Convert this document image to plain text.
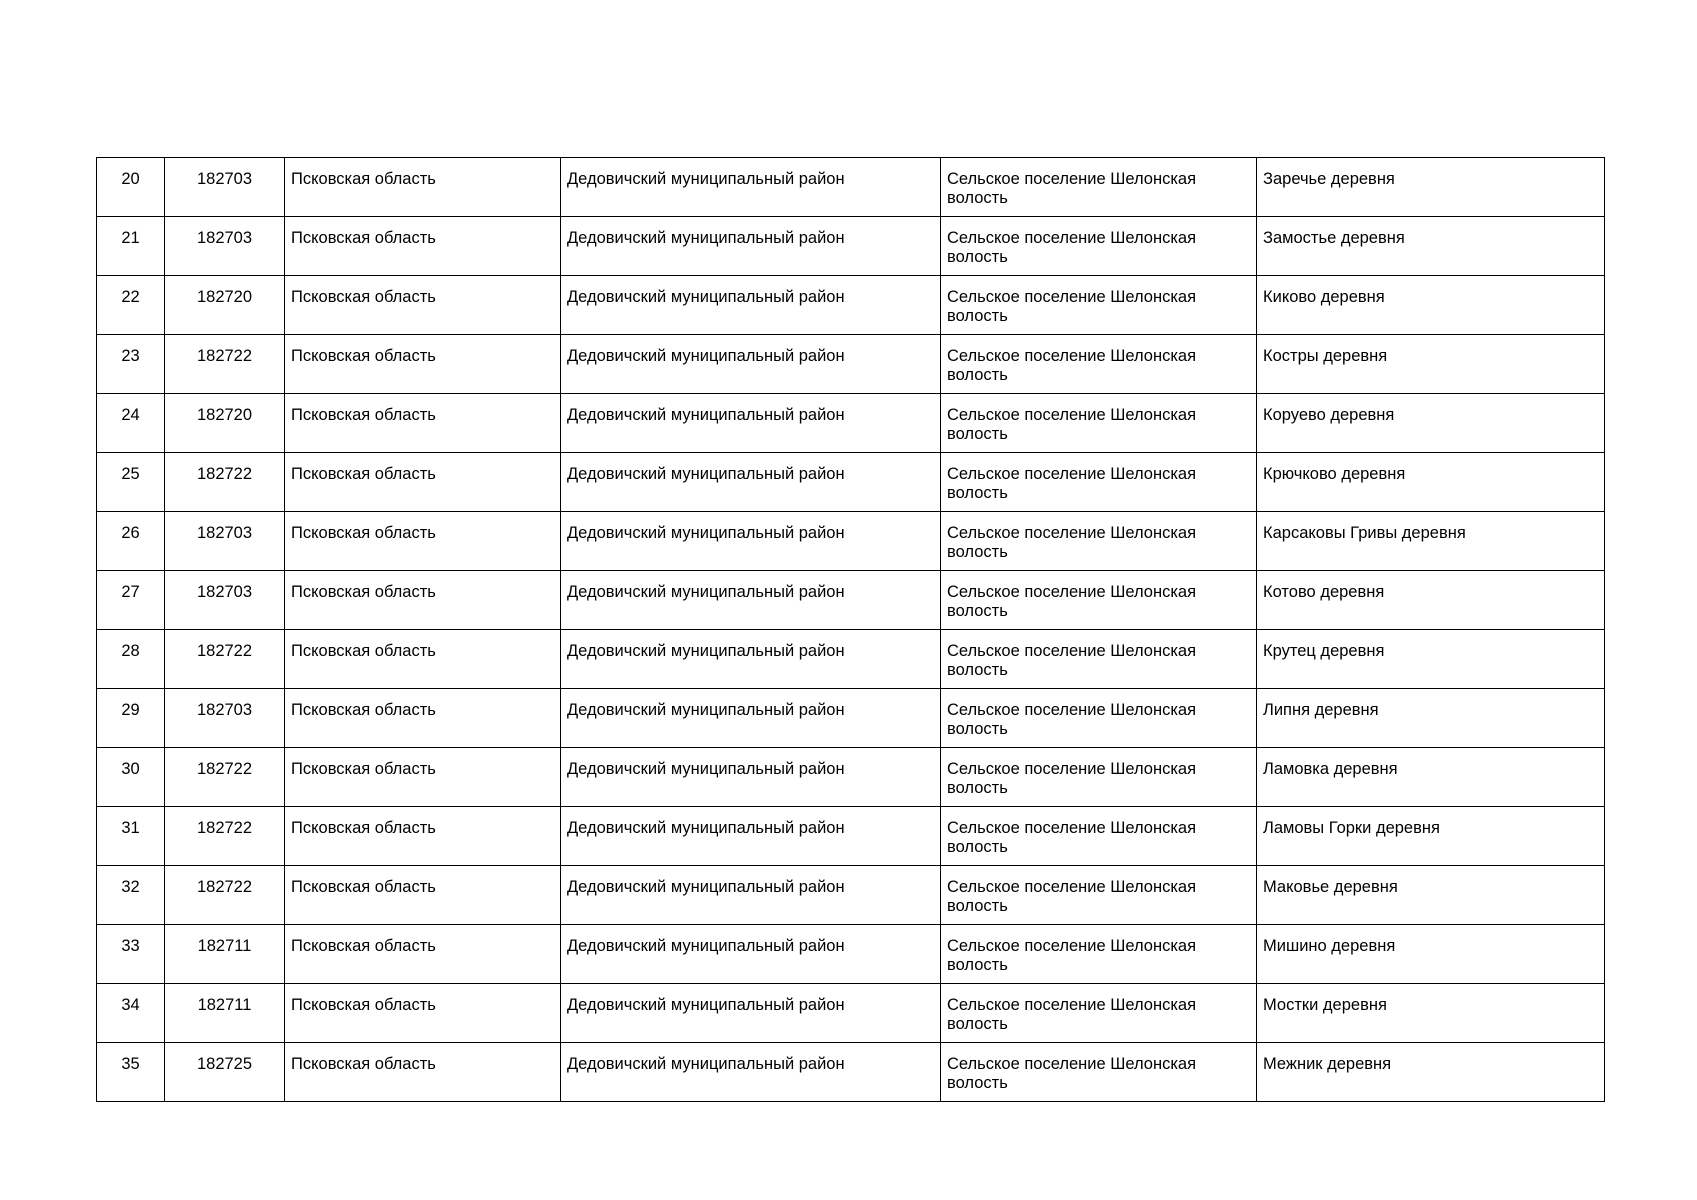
20	182703	Псковская область	Дедовичский муниципальный район	Сельское поселение Шелонская волость	Заречье деревня

21	182703	Псковская область	Дедовичский муниципальный район	Сельское поселение Шелонская волость	Замостье деревня

22	182720	Псковская область	Дедовичский муниципальный район	Сельское поселение Шелонская волость	Киково деревня

23	182722	Псковская область	Дедовичский муниципальный район	Сельское поселение Шелонская волость	Костры деревня

24	182720	Псковская область	Дедовичский муниципальный район	Сельское поселение Шелонская волость	Коруево деревня

25	182722	Псковская область	Дедовичский муниципальный район	Сельское поселение Шелонская волость	Крючково деревня

26	182703	Псковская область	Дедовичский муниципальный район	Сельское поселение Шелонская волость	Карсаковы Гривы деревня

27	182703	Псковская область	Дедовичский муниципальный район	Сельское поселение Шелонская волость	Котово деревня

28	182722	Псковская область	Дедовичский муниципальный район	Сельское поселение Шелонская волость	Крутец деревня

29	182703	Псковская область	Дедовичский муниципальный район	Сельское поселение Шелонская волость	Липня деревня

30	182722	Псковская область	Дедовичский муниципальный район	Сельское поселение Шелонская волость	Ламовка деревня

31	182722	Псковская область	Дедовичский муниципальный район	Сельское поселение Шелонская волость	Ламовы Горки деревня

32	182722	Псковская область	Дедовичский муниципальный район	Сельское поселение Шелонская волость	Маковье деревня

33	182711	Псковская область	Дедовичский муниципальный район	Сельское поселение Шелонская волость	Мишино деревня

34	182711	Псковская область	Дедовичский муниципальный район	Сельское поселение Шелонская волость	Мостки деревня

35	182725	Псковская область	Дедовичский муниципальный район	Сельское поселение Шелонская волость	Межник деревня
